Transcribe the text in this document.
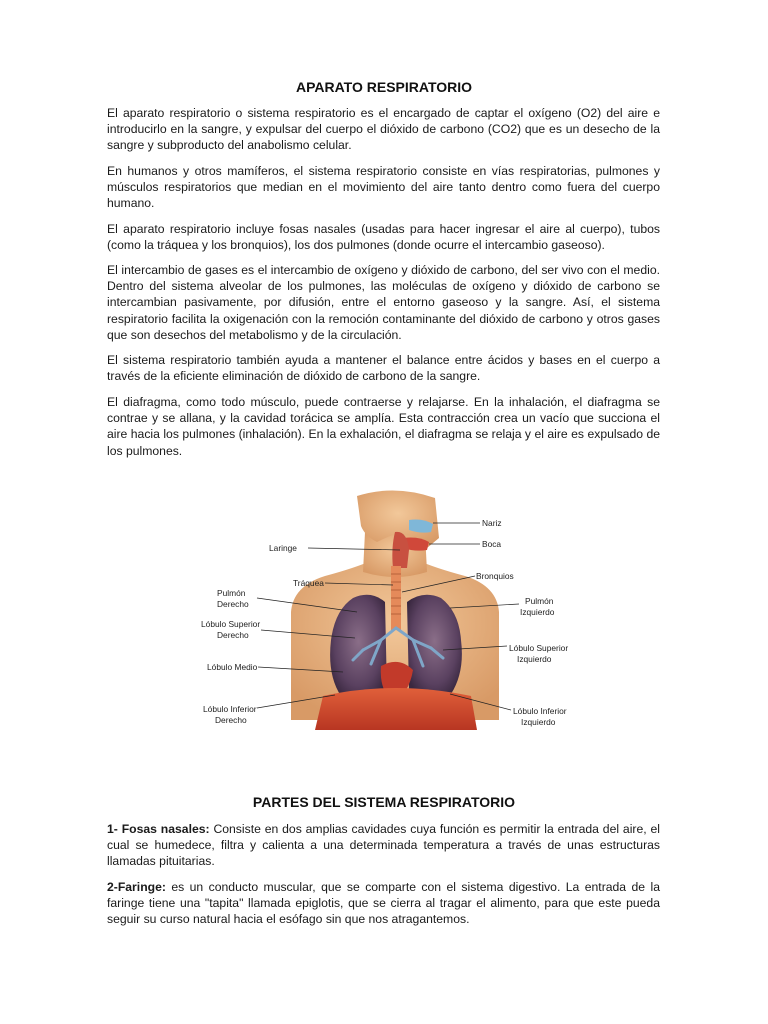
APARATO RESPIRATORIO

El aparato respiratorio o sistema respiratorio es el encargado de captar el oxígeno (O2) del aire e introducirlo en la sangre, y expulsar del cuerpo el dióxido de carbono (CO2) que es un desecho de la sangre y subproducto del anabolismo celular.

En humanos y otros mamíferos, el sistema respiratorio consiste en vías respiratorias, pulmones y músculos respiratorios que median en el movimiento del aire tanto dentro como fuera del cuerpo humano.

El aparato respiratorio incluye fosas nasales (usadas para hacer ingresar el aire al cuerpo), tubos (como la tráquea y los bronquios), los dos pulmones (donde ocurre el intercambio gaseoso).

El intercambio de gases es el intercambio de oxígeno y dióxido de carbono, del ser vivo con el medio. Dentro del sistema alveolar de los pulmones, las moléculas de oxígeno y dióxido de carbono se intercambian pasivamente, por difusión, entre el entorno gaseoso y la sangre. Así, el sistema respiratorio facilita la oxigenación con la remoción contaminante del dióxido de carbono y otros gases que son desechos del metabolismo y de la circulación.

El sistema respiratorio también ayuda a mantener el balance entre ácidos y bases en el cuerpo a través de la eficiente eliminación de dióxido de carbono de la sangre.

El diafragma, como todo músculo, puede contraerse y relajarse. En la inhalación, el diafragma se contrae y se allana, y la cavidad torácica se amplía. Esta contracción crea un vacío que succiona el aire hacia los pulmones (inhalación). En la exhalación, el diafragma se relaja y el aire es expulsado de los pulmones.

Nariz
Boca
Laringe
Tráquea
Bronquios
Pulmón
Derecho	Pulmón
Izquierdo
Lóbulo Superior
Derecho
Lóbulo Superior
Izquierdo
Lóbulo Medio
Lóbulo Inferior
Derecho
Lóbulo Inferior
Izquierdo
PARTES DEL SISTEMA RESPIRATORIO

1- Fosas nasales: Consiste en dos amplias cavidades cuya función es permitir la entrada del aire, el cual se humedece, filtra y calienta a una determinada temperatura a través de unas estructuras llamadas pituitarias.

2-Faringe: es un conducto muscular, que se comparte con el sistema digestivo. La entrada de la faringe tiene una "tapita" llamada epiglotis, que se cierra al tragar el alimento, para que este pueda seguir su curso natural hacia el esófago sin que nos atragantemos.
